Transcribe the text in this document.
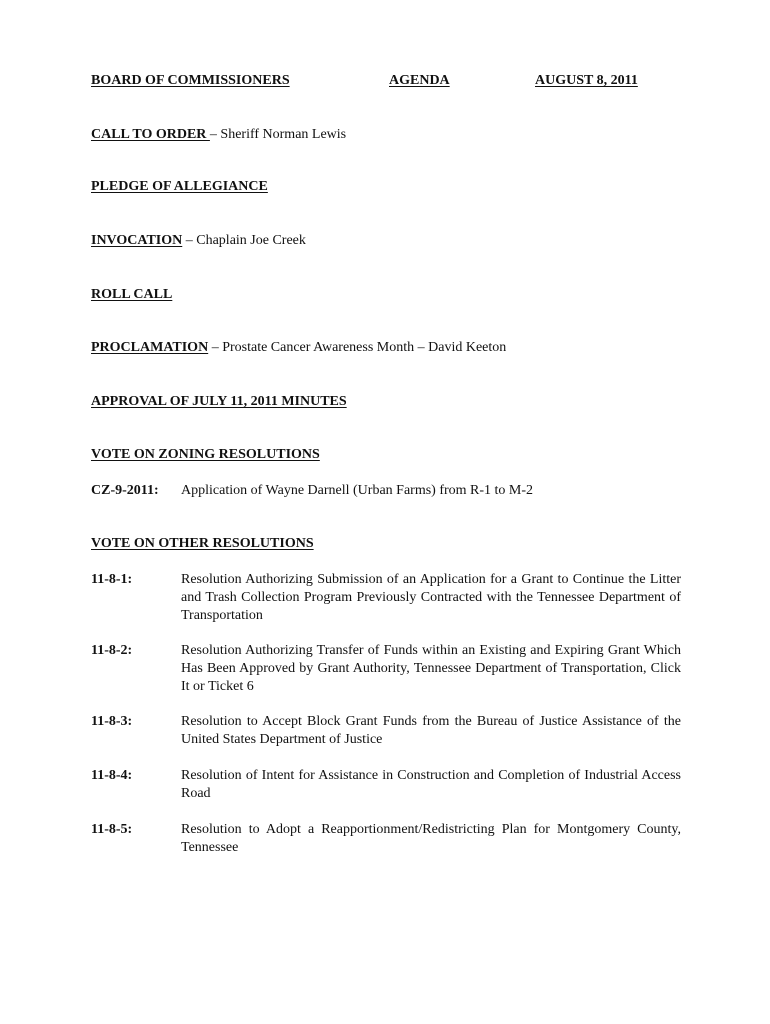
BOARD OF COMMISSIONERS	AGENDA	AUGUST 8, 2011
CALL TO ORDER – Sheriff Norman Lewis
PLEDGE OF ALLEGIANCE
INVOCATION – Chaplain Joe Creek
ROLL CALL
PROCLAMATION – Prostate Cancer Awareness Month – David Keeton
APPROVAL OF JULY 11, 2011 MINUTES
VOTE ON ZONING RESOLUTIONS
CZ-9-2011: Application of Wayne Darnell (Urban Farms) from R-1 to M-2
VOTE ON OTHER RESOLUTIONS
11-8-1:	Resolution Authorizing Submission of an Application for a Grant to Continue the Litter and Trash Collection Program Previously Contracted with the Tennessee Department of Transportation
11-8-2:	Resolution Authorizing Transfer of Funds within an Existing and Expiring Grant Which Has Been Approved by Grant Authority, Tennessee Department of Transportation, Click It or Ticket 6
11-8-3:	Resolution to Accept Block Grant Funds from the Bureau of Justice Assistance of the United States Department of Justice
11-8-4:	Resolution of Intent for Assistance in Construction and Completion of Industrial Access Road
11-8-5:	Resolution to Adopt a Reapportionment/Redistricting Plan for Montgomery County, Tennessee
